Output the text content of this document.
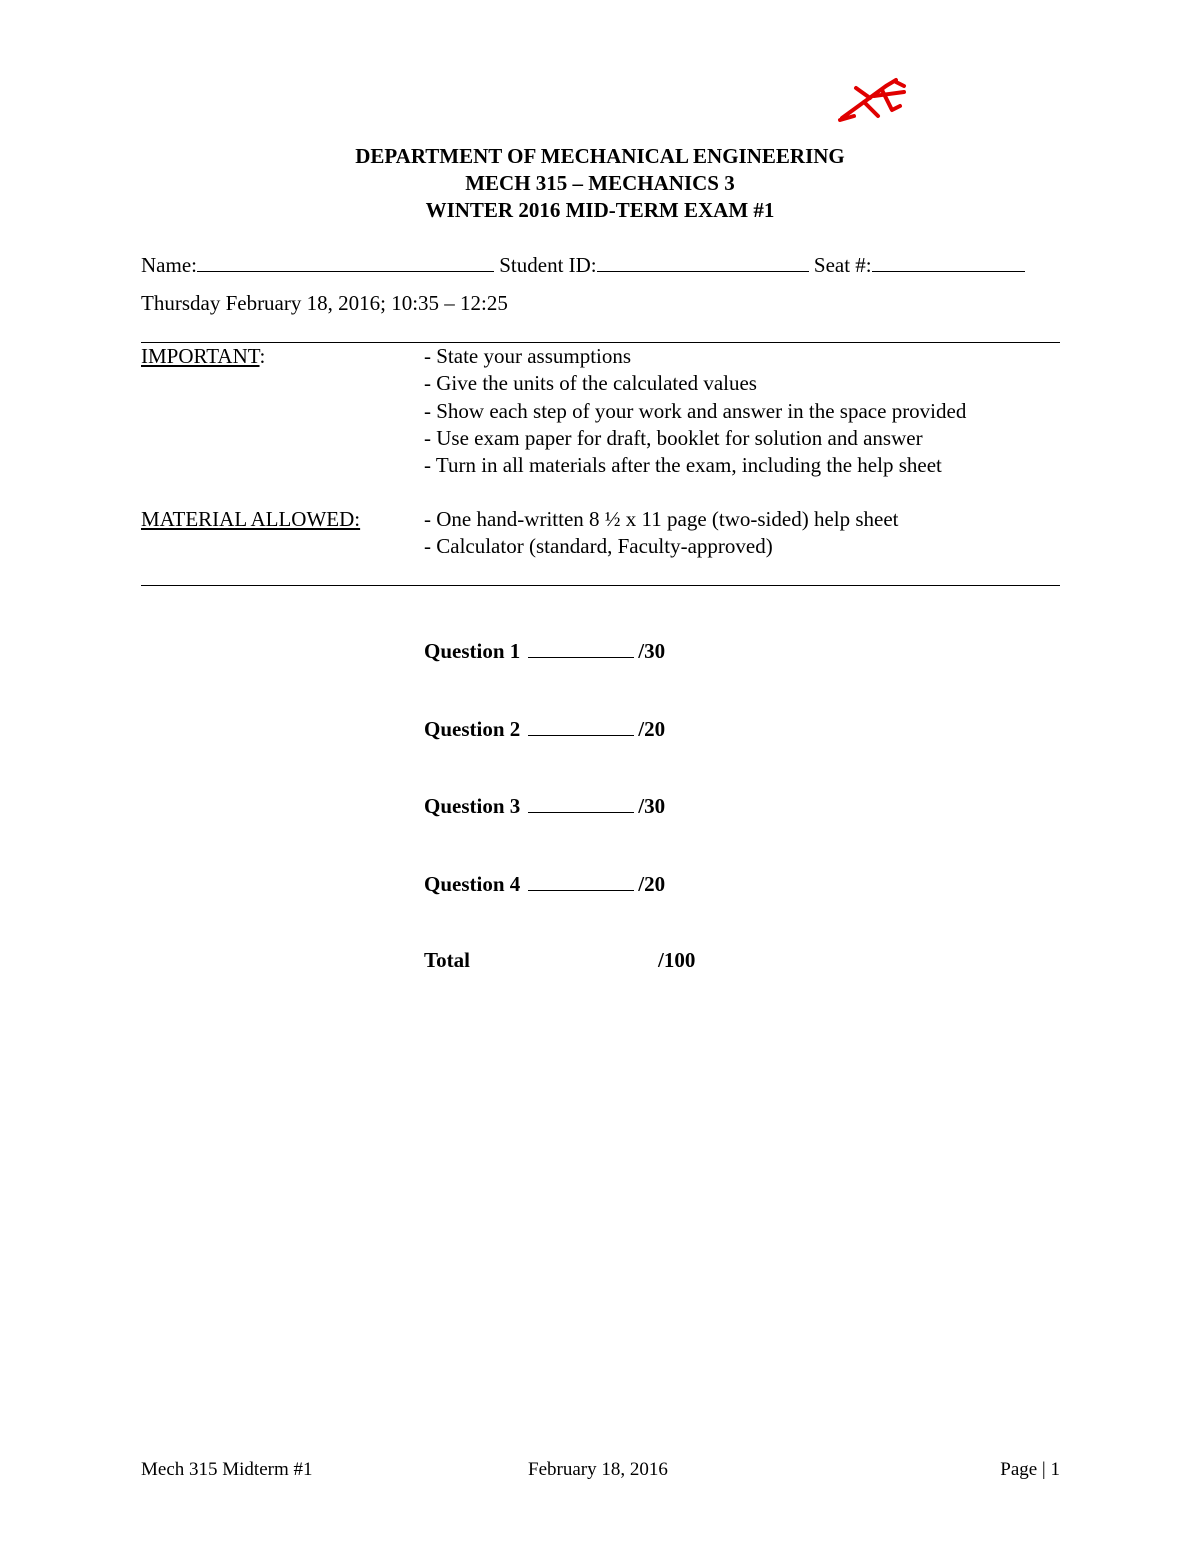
DEPARTMENT OF MECHANICAL ENGINEERING
MECH 315 – MECHANICS 3
WINTER 2016 MID-TERM EXAM #1
Name:	Student ID:	Seat #:
Thursday February 18, 2016; 10:35 – 12:25
IMPORTANT:	- State your assumptions
- Give the units of the calculated values
- Show each step of your work and answer in the space provided
- Use exam paper for draft, booklet for solution and answer
- Turn in all materials after the exam, including the help sheet
MATERIAL ALLOWED:	- One hand-written 8 ½ x 11 page (two-sided) help sheet
- Calculator (standard, Faculty-approved)
Question 1	/30
Question 2	/20
Question 3	/30
Question 4	/20
Total	/100
Mech 315 Midterm #1	February 18, 2016	Page | 1
